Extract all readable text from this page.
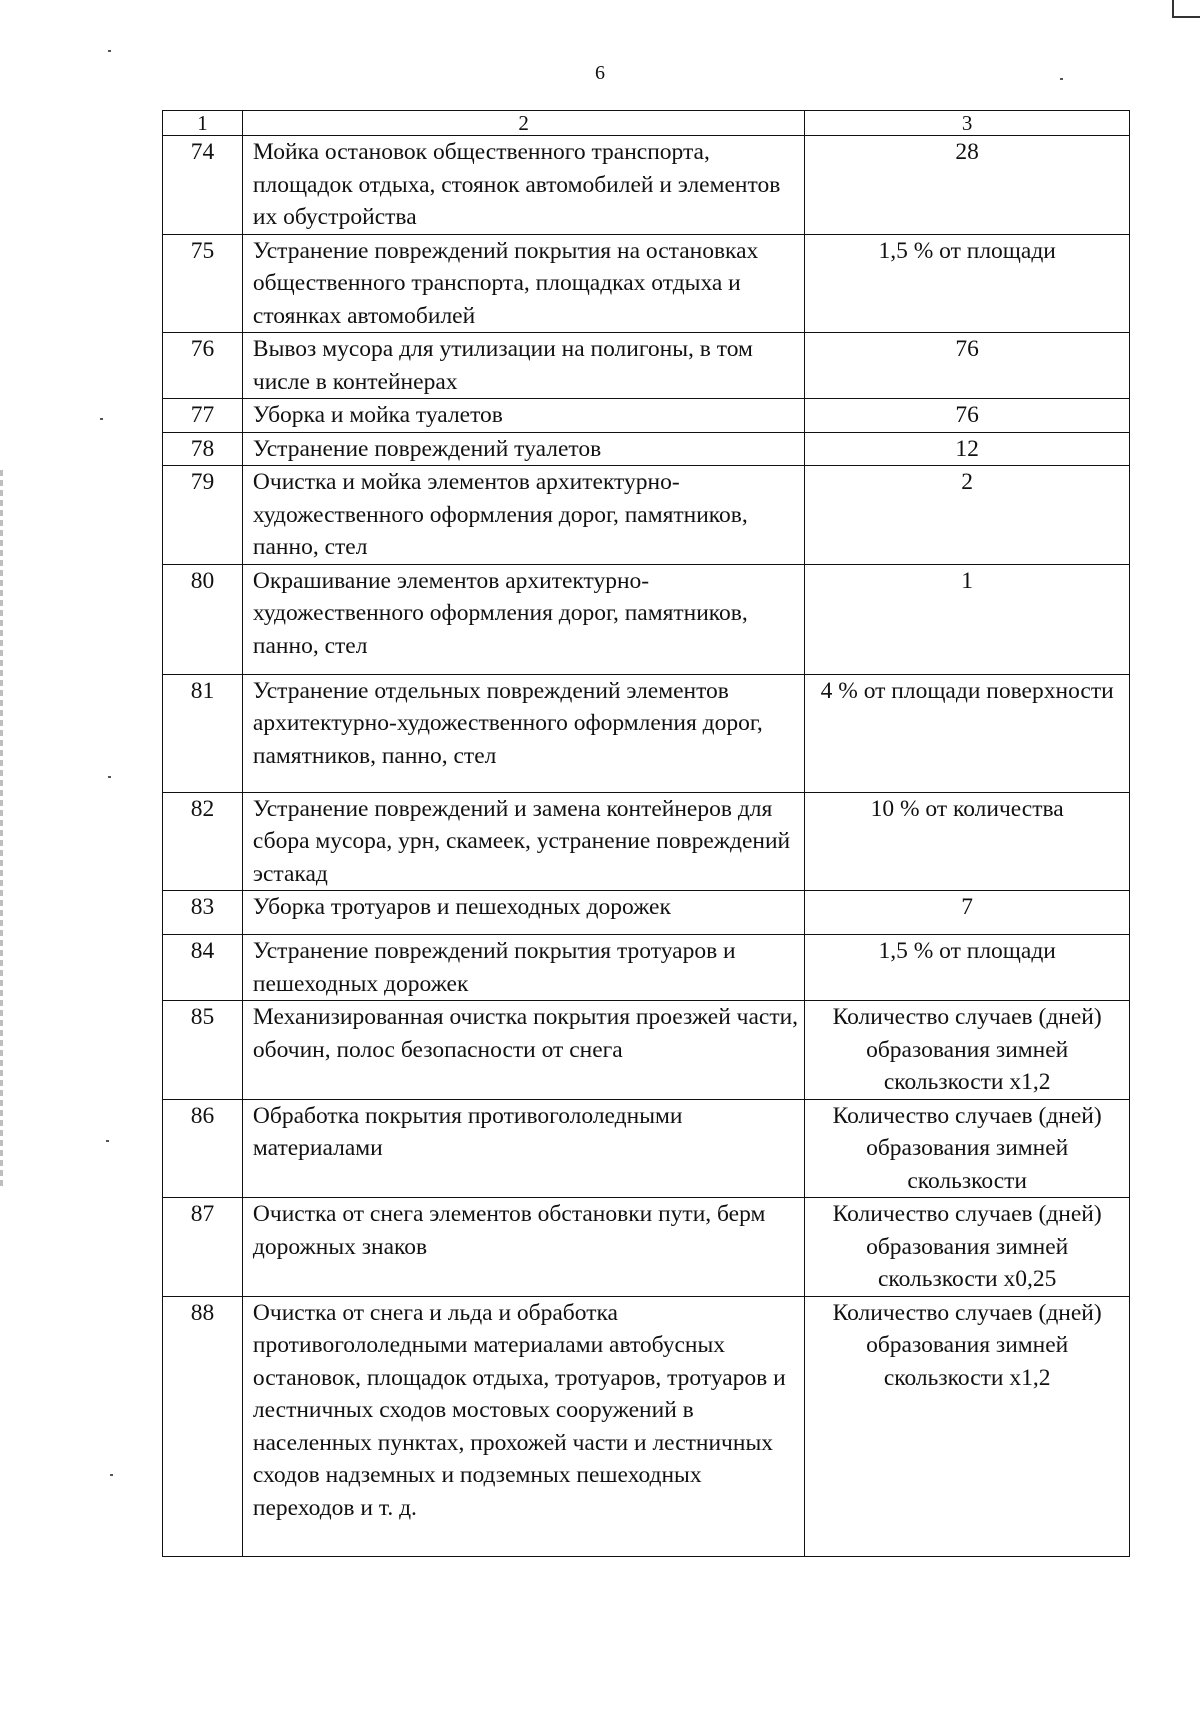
6
1	2	3
74	Мойка остановок общественного транспорта, площадок отдыха, стоянок автомобилей и элементов их обустройства	28
75	Устранение повреждений покрытия на остановках общественного транспорта, площадках отдыха и стоянках автомобилей	1,5 % от площади
76	Вывоз мусора для утилизации на полигоны, в том числе в контейнерах	76
77	Уборка и мойка туалетов	76
78	Устранение повреждений туалетов	12
79	Очистка и мойка элементов архитектурно-художественного оформления дорог, памятников, панно, стел	2
80	Окрашивание элементов архитектурно-художественного оформления дорог, памятников, панно, стел	1
81	Устранение отдельных повреждений элементов архитектурно-художественного оформления дорог, памятников, панно, стел	4 % от площади поверхности
82	Устранение повреждений и замена контейнеров для сбора мусора, урн, скамеек, устранение повреждений эстакад	10 % от количества
83	Уборка тротуаров и пешеходных дорожек	7
84	Устранение повреждений покрытия тротуаров и пешеходных дорожек	1,5 % от площади
85	Механизированная очистка покрытия проезжей части, обочин, полос безопасности от снега	Количество случаев (дней) образования зимней скользкости х1,2
86	Обработка покрытия противогололедными материалами	Количество случаев (дней) образования зимней скользкости
87	Очистка от снега элементов обстановки пути, берм дорожных знаков	Количество случаев (дней) образования зимней скользкости х0,25
88	Очистка от снега и льда и обработка противогололедными материалами автобусных остановок, площадок отдыха, тротуаров, тротуаров и лестничных сходов мостовых сооружений в населенных пунктах, прохожей части и лестничных сходов надземных и подземных пешеходных переходов и т. д.	Количество случаев (дней) образования зимней скользкости х1,2
